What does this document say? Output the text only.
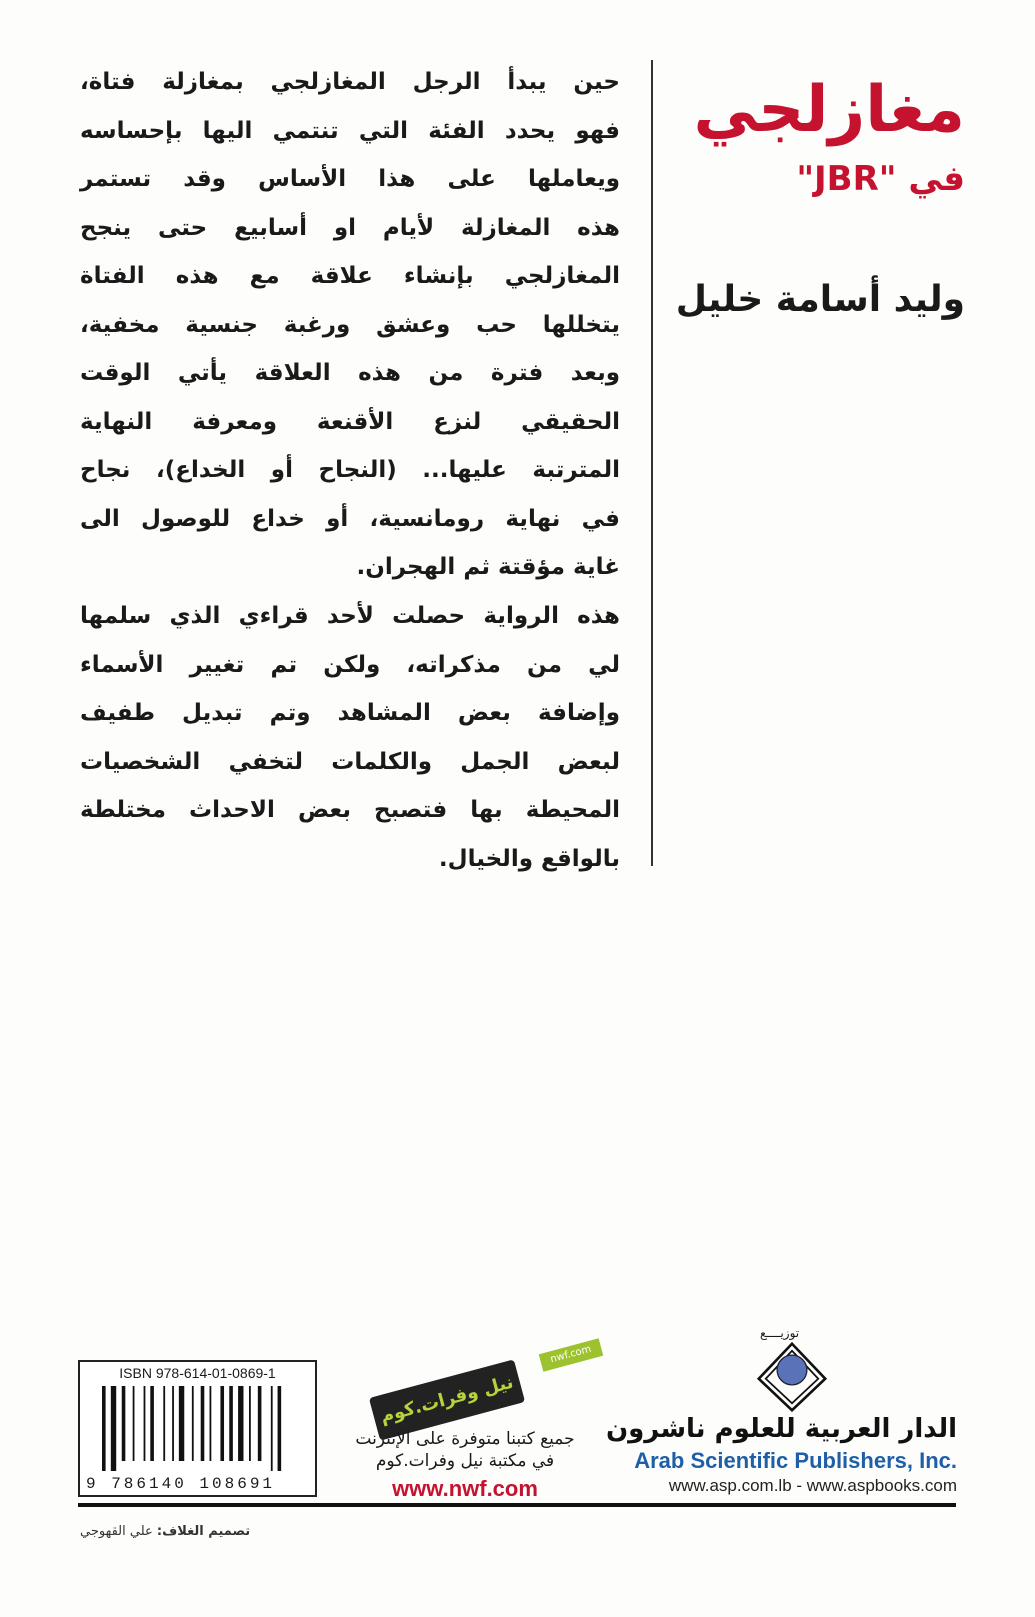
حين يبدأ الرجل المغازلجي بمغازلة فتاة،
فهو يحدد الفئة التي تنتمي اليها بإحساسه
ويعاملها على هذا الأساس وقد تستمر
هذه المغازلة لأيام او أسابيع حتى ينجح
المغازلجي بإنشاء علاقة مع هذه الفتاة
يتخللها حب وعشق ورغبة جنسية مخفية،
وبعد فترة من هذه العلاقة يأتي الوقت
الحقيقي لنزع الأقنعة ومعرفة النهاية
المترتبة عليها... (النجاح أو الخداع)، نجاح
في نهاية رومانسية، أو خداع للوصول الى
غاية مؤقتة ثم الهجران.
هذه الرواية حصلت لأحد قراءي الذي سلمها
لي من مذكراته، ولكن تم تغيير الأسماء
وإضافة بعض المشاهد وتم تبديل طفيف
لبعض الجمل والكلمات لتخفي الشخصيات
المحيطة بها فتصبح بعض الاحداث مختلطة
بالواقع والخيال.
مغازلجي
في "JBR"
وليد أسامة خليل
ISBN 978-614-01-0869-1
9 786140 108691
نيل وفرات.كوم
nwf.com
جميع كتبنا متوفرة على الإنترنت
في مكتبة نيل وفرات.كوم
www.nwf.com
توزيــــع
الدار العربية للعلوم ناشرون
Arab Scientific Publishers, Inc.
www.asp.com.lb - www.aspbooks.com
تصميم الغلاف: علي القهوجي
